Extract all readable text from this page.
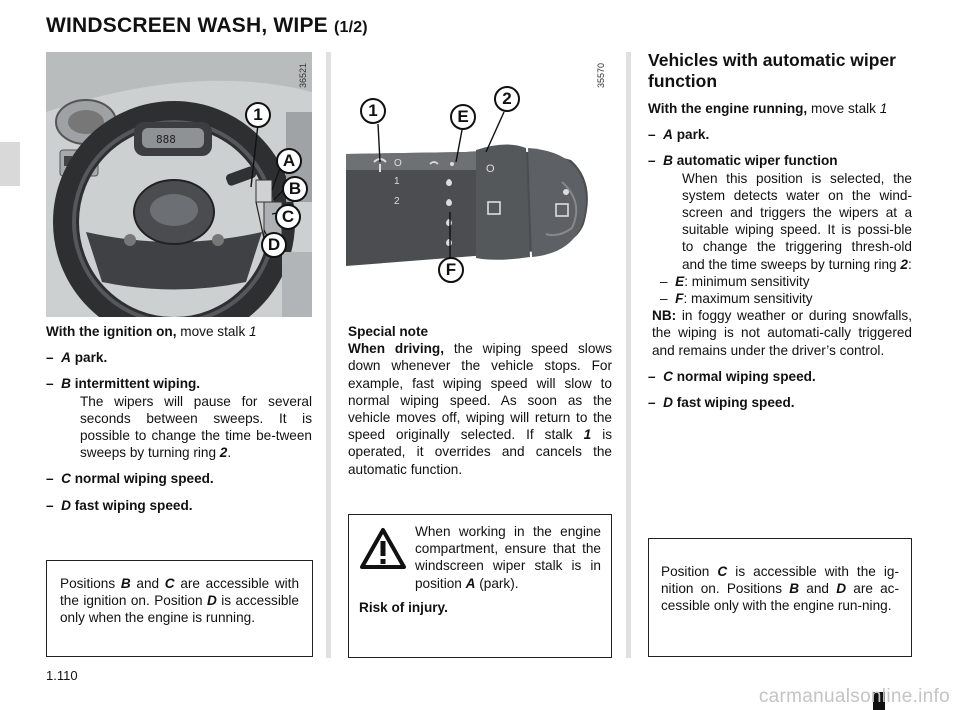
WINDSCREEN WASH, WIPE (1/2)
888
1
A
B
C
D
36521
O
1
2
O
1	E
2
F
35570

With the ignition on, move stalk 1

– A park.

– B intermittent wiping.

The wipers will pause for several seconds between sweeps. It is possible to change the time be-tween sweeps by turning ring 2.

– C normal wiping speed.

– D fast wiping speed.

Positions B and C are accessible with the ignition on. Position D is accessible only when the engine is running.

Special note

When driving, the wiping speed slows down whenever the vehicle stops. For example, fast wiping speed will slow to normal wiping speed. As soon as the vehicle moves off, wiping will return to the speed originally selected. If stalk 1 is operated, it overrides and cancels the automatic function.

When working in the engine compartment, ensure that the windscreen wiper stalk is in position A (park).
Risk of injury.

Vehicles with automatic wiper function

With the engine running, move stalk 1

– A park.

– B automatic wiper function

When this position is selected, the system detects water on the wind-screen and triggers the wipers at a suitable wiping speed. It is possi-ble to change the triggering thresh-old and the time sweeps by turning ring 2:

– E: minimum sensitivity

– F: maximum sensitivity

NB: in foggy weather or during snowfalls, the wiping is not automati-cally triggered and remains under the driver’s control.

– C normal wiping speed.

– D fast wiping speed.

Position C is accessible with the ig-nition on. Positions B and D are ac-cessible only with the engine run-ning.
1.110
carmanualsonline.info
